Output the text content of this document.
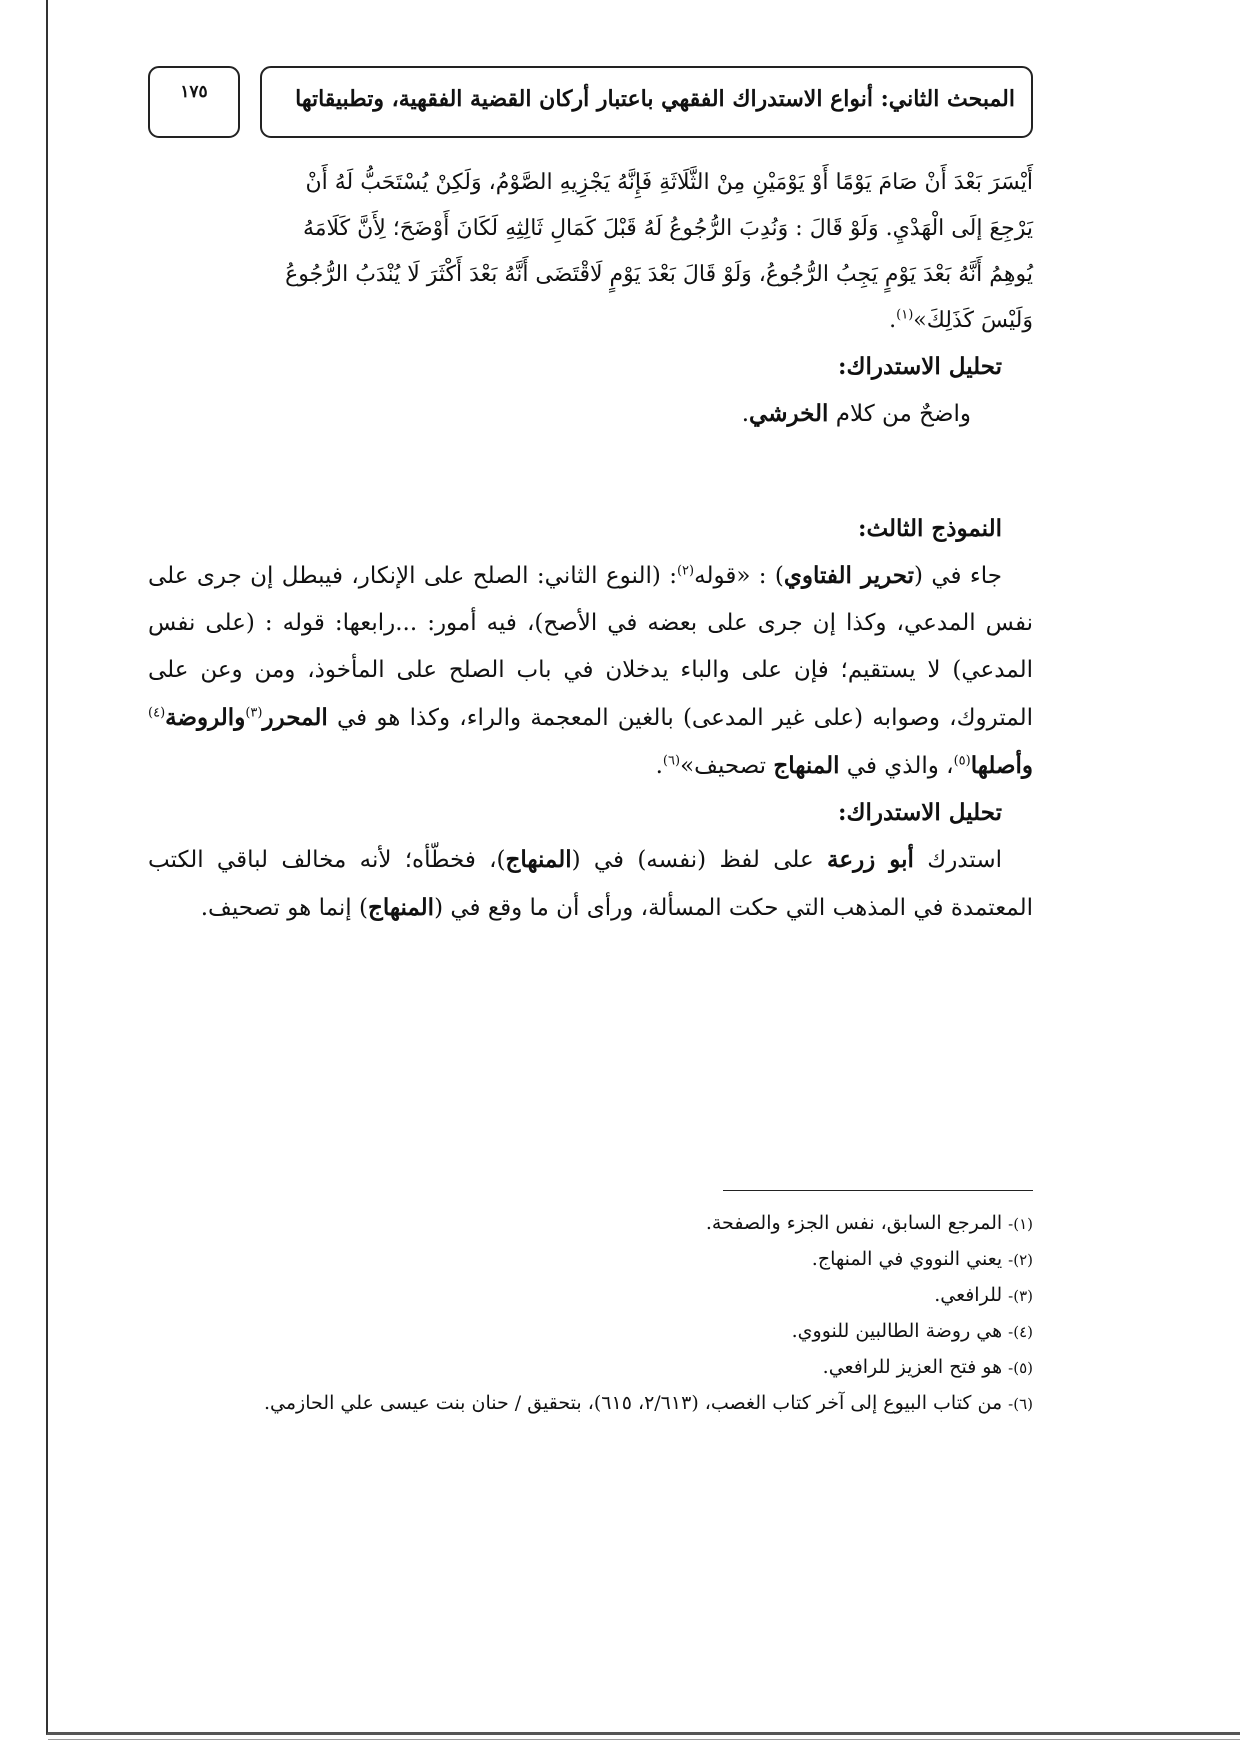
١٧٥	المبحث الثاني: أنواع الاستدراك الفقهي باعتبار أركان القضية الفقهية، وتطبيقاتها

أَيْسَرَ بَعْدَ أَنْ صَامَ يَوْمًا أَوْ يَوْمَيْنِ مِنْ الثَّلَاثَةِ فَإِنَّهُ يَجْزِيهِ الصَّوْمُ، وَلَكِنْ يُسْتَحَبُّ لَهُ أَنْ
يَرْجِعَ إلَى الْهَدْيِ. وَلَوْ قَالَ : وَنُدِبَ الرُّجُوعُ لَهُ قَبْلَ كَمَالِ ثَالِثِهِ لَكَانَ أَوْضَحَ؛ لِأَنَّ كَلَامَهُ
يُوهِمُ أَنَّهُ بَعْدَ يَوْمٍ يَجِبُ الرُّجُوعُ، وَلَوْ قَالَ بَعْدَ يَوْمٍ لَاقْتَضَى أَنَّهُ بَعْدَ أَكْثَرَ لَا يُنْدَبُ الرُّجُوعُ
وَلَيْسَ كَذَلِكَ»$^{(١)}$.

تحليل الاستدراك:

واضحٌ من كلام الخرشي.

النموذج الثالث:

جاء في (تحرير الفتاوي) : «قوله$^{(٢)}$: (النوع الثاني: الصلح على الإنكار، فيبطل إن جرى على نفس المدعي، وكذا إن جرى على بعضه في الأصح)، فيه أمور: ...رابعها: قوله : (على نفس المدعي) لا يستقيم؛ فإن على والباء يدخلان في باب الصلح على المأخوذ، ومن وعن على المتروك، وصوابه (على غير المدعى) بالغين المعجمة والراء، وكذا هو في المحرر$^{(٣)}$والروضة$^{(٤)}$ وأصلها$^{(٥)}$، والذي في المنهاج تصحيف»$^{(٦)}$.

تحليل الاستدراك:

استدرك أبو زرعة على لفظ (نفسه) في (المنهاج)، فخطّأه؛ لأنه مخالف لباقي الكتب المعتمدة في المذهب التي حكت المسألة، ورأى أن ما وقع في (المنهاج) إنما هو تصحيف.

(١)-المرجع السابق، نفس الجزء والصفحة.

(٢)-يعني النووي في المنهاج.

(٣)-للرافعي.

(٤)-هي روضة الطالبين للنووي.

(٥)-هو فتح العزيز للرافعي.

(٦)-من كتاب البيوع إلى آخر كتاب الغصب، (٢/٦١٣، ٦١٥)، بتحقيق / حنان بنت عيسى علي الحازمي.
